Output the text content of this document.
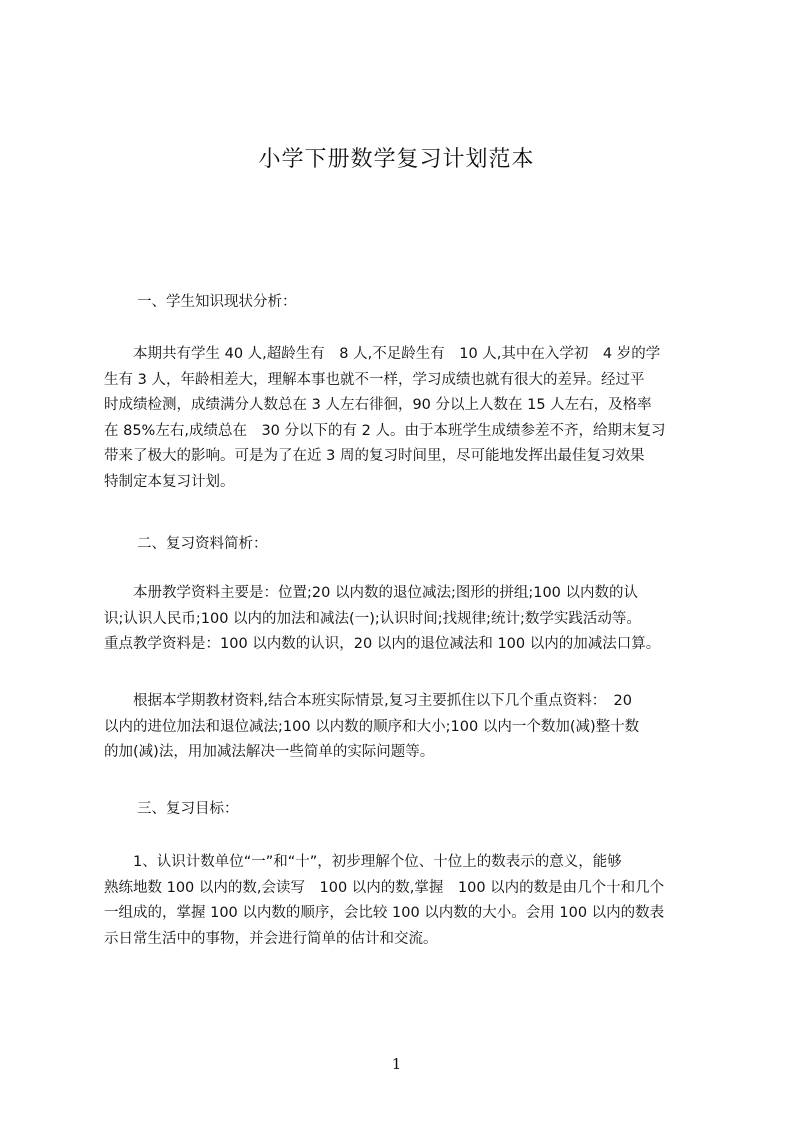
小学下册数学复习计划范本
一、学生知识现状分析：
　　本期共有学生 40 人,超龄生有　8 人,不足龄生有　10 人,其中在入学初　4 岁的学
生有 3 人，年龄相差大，理解本事也就不一样，学习成绩也就有很大的差异。经过平
时成绩检测，成绩满分人数总在 3 人左右徘徊，90 分以上人数在 15 人左右，及格率
在 85%左右,成绩总在　30 分以下的有 2 人。由于本班学生成绩参差不齐，给期末复习
带来了极大的影响。可是为了在近 3 周的复习时间里，尽可能地发挥出最佳复习效果
特制定本复习计划。
二、复习资料简析：
　　本册教学资料主要是：位置;20 以内数的退位减法;图形的拼组;100 以内数的认
识;认识人民币;100 以内的加法和减法(一);认识时间;找规律;统计;数学实践活动等。
重点教学资料是：100 以内数的认识，20 以内的退位减法和 100 以内的加减法口算。
　　根据本学期教材资料,结合本班实际情景,复习主要抓住以下几个重点资料：　20
以内的进位加法和退位减法;100 以内数的顺序和大小;100 以内一个数加(减)整十数
的加(减)法，用加减法解决一些简单的实际问题等。
三、复习目标：
　　1、认识计数单位“一”和“十”，初步理解个位、十位上的数表示的意义，能够
熟练地数 100 以内的数,会读写　100 以内的数,掌握　100 以内的数是由几个十和几个
一组成的，掌握 100 以内数的顺序，会比较 100 以内数的大小。会用 100 以内的数表
示日常生活中的事物，并会进行简单的估计和交流。
1
